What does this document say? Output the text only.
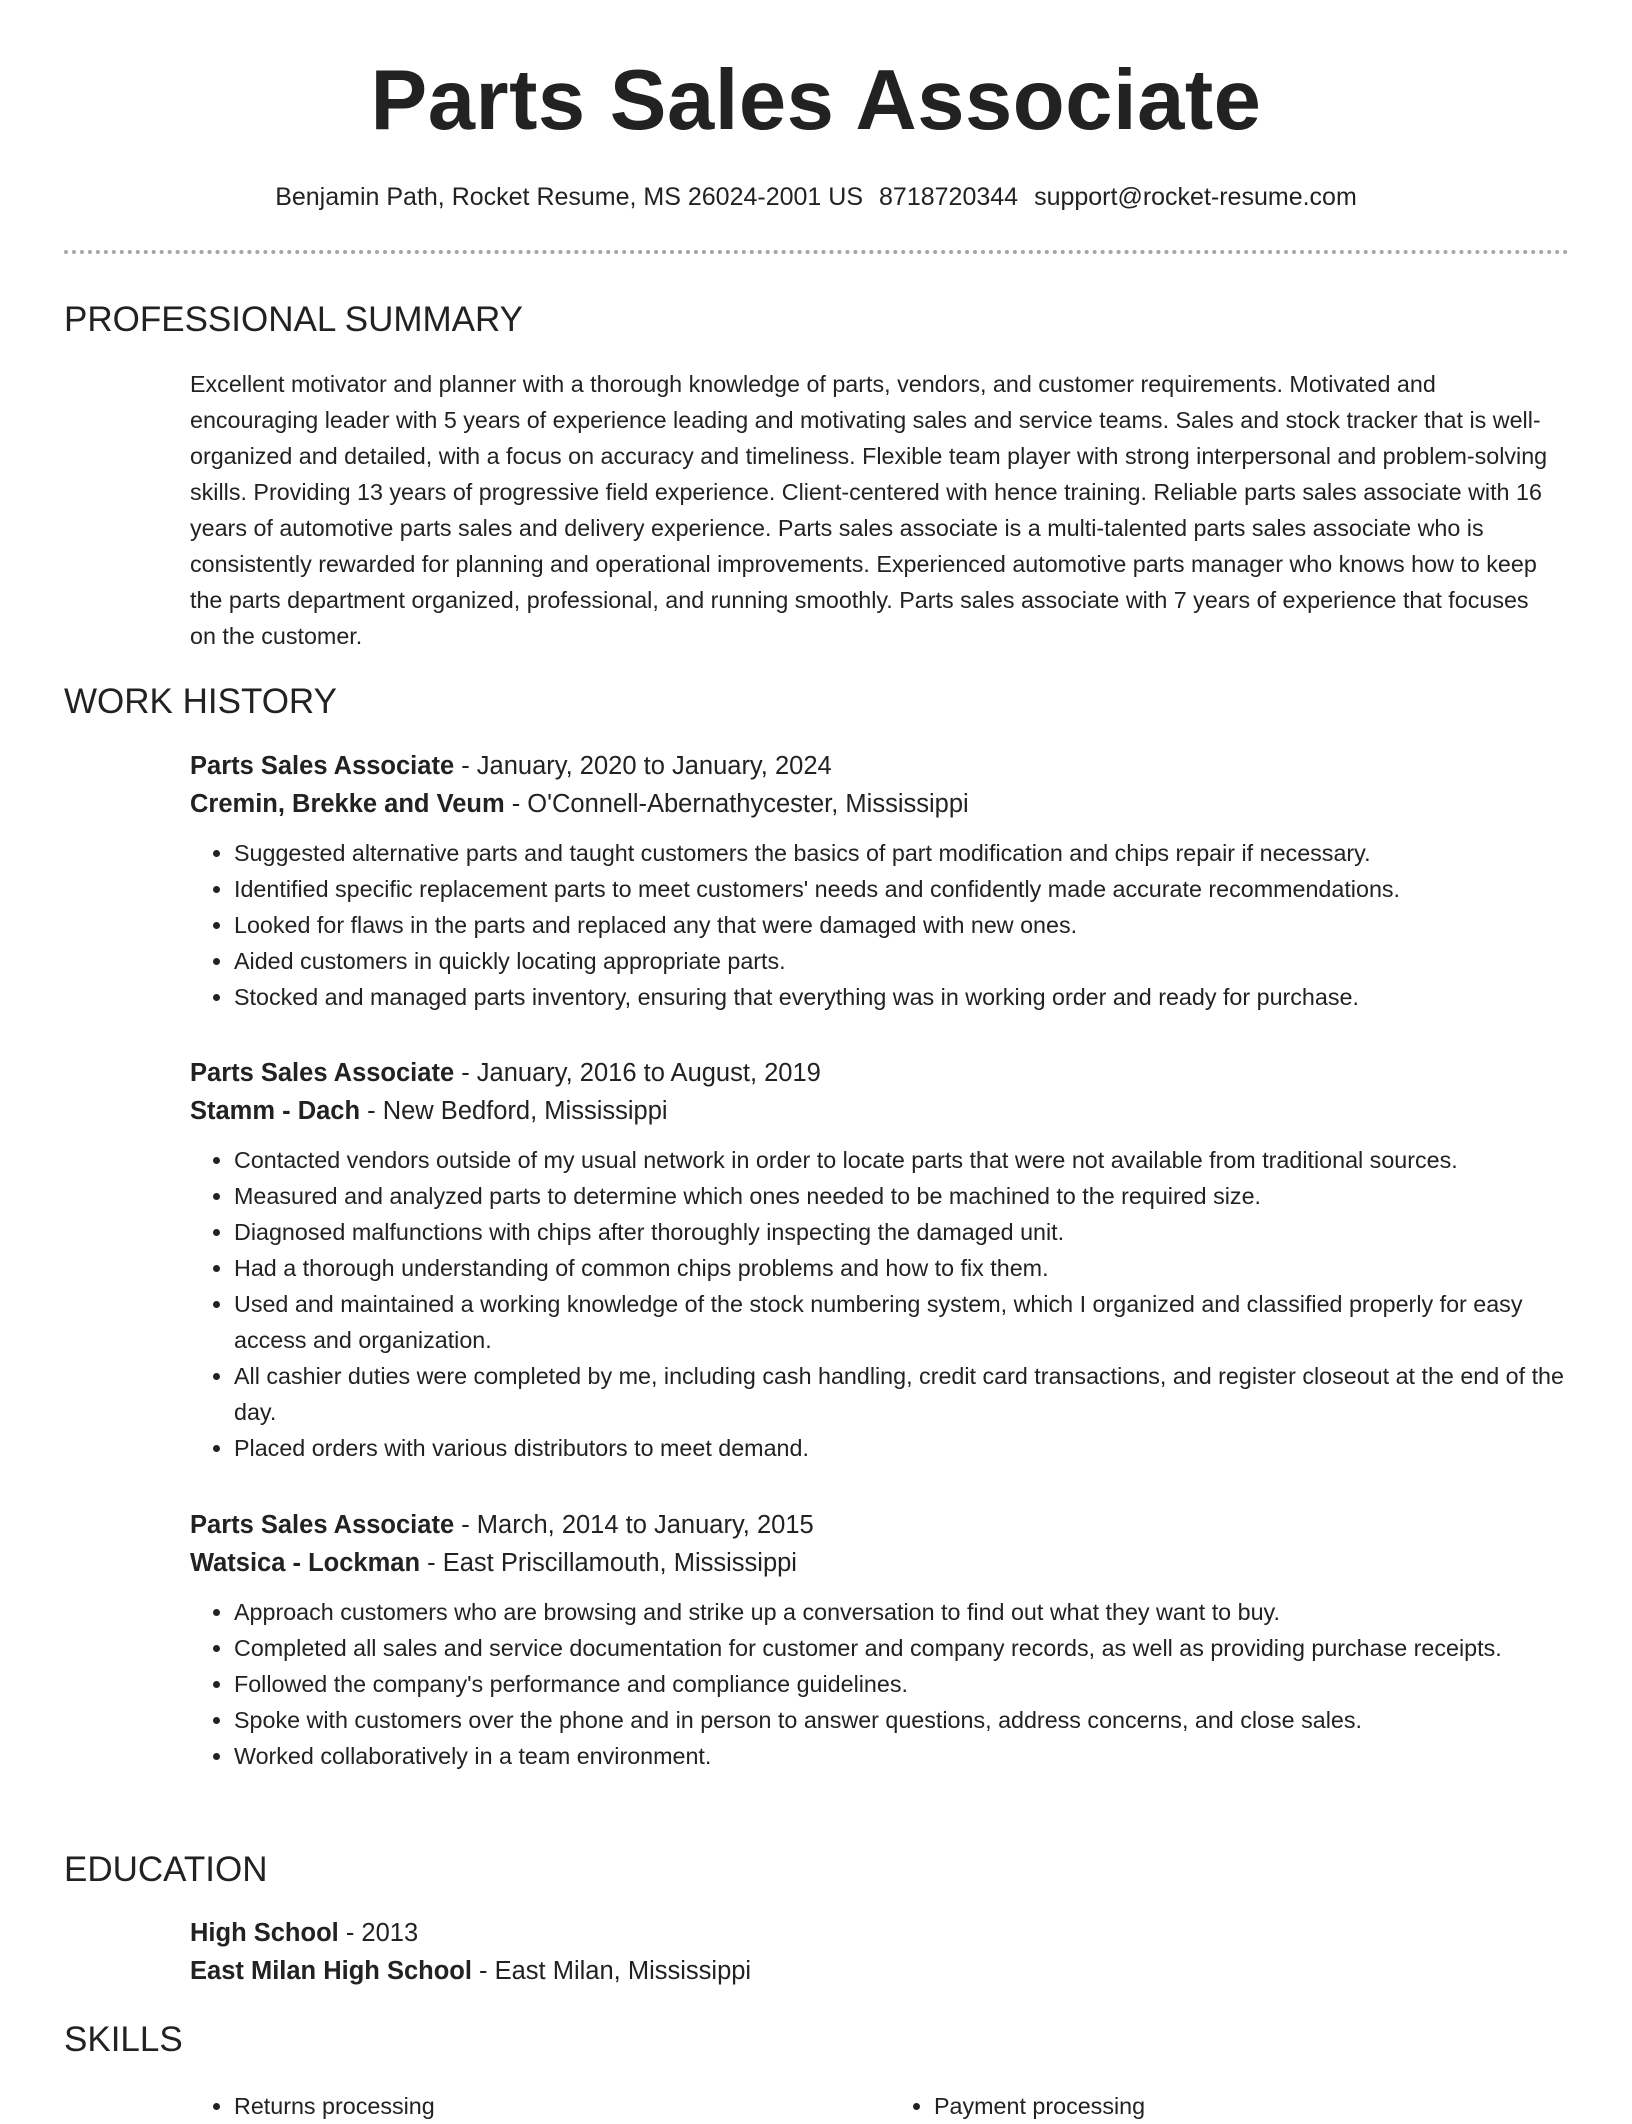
Parts Sales Associate
Benjamin Path, Rocket Resume, MS 26024-2001 US 8718720344 support@rocket-resume.com
PROFESSIONAL SUMMARY
Excellent motivator and planner with a thorough knowledge of parts, vendors, and customer requirements. Motivated and encouraging leader with 5 years of experience leading and motivating sales and service teams. Sales and stock tracker that is well-organized and detailed, with a focus on accuracy and timeliness. Flexible team player with strong interpersonal and problem-solving skills. Providing 13 years of progressive field experience. Client-centered with hence training. Reliable parts sales associate with 16 years of automotive parts sales and delivery experience. Parts sales associate is a multi-talented parts sales associate who is consistently rewarded for planning and operational improvements. Experienced automotive parts manager who knows how to keep the parts department organized, professional, and running smoothly. Parts sales associate with 7 years of experience that focuses on the customer.
WORK HISTORY
Parts Sales Associate - January, 2020 to January, 2024
Cremin, Brekke and Veum - O'Connell-Abernathycester, Mississippi
• Suggested alternative parts and taught customers the basics of part modification and chips repair if necessary.
• Identified specific replacement parts to meet customers' needs and confidently made accurate recommendations.
• Looked for flaws in the parts and replaced any that were damaged with new ones.
• Aided customers in quickly locating appropriate parts.
• Stocked and managed parts inventory, ensuring that everything was in working order and ready for purchase.
Parts Sales Associate - January, 2016 to August, 2019
Stamm - Dach - New Bedford, Mississippi
• Contacted vendors outside of my usual network in order to locate parts that were not available from traditional sources.
• Measured and analyzed parts to determine which ones needed to be machined to the required size.
• Diagnosed malfunctions with chips after thoroughly inspecting the damaged unit.
• Had a thorough understanding of common chips problems and how to fix them.
• Used and maintained a working knowledge of the stock numbering system, which I organized and classified properly for easy access and organization.
• All cashier duties were completed by me, including cash handling, credit card transactions, and register closeout at the end of the day.
• Placed orders with various distributors to meet demand.
Parts Sales Associate - March, 2014 to January, 2015
Watsica - Lockman - East Priscillamouth, Mississippi
• Approach customers who are browsing and strike up a conversation to find out what they want to buy.
• Completed all sales and service documentation for customer and company records, as well as providing purchase receipts.
• Followed the company's performance and compliance guidelines.
• Spoke with customers over the phone and in person to answer questions, address concerns, and close sales.
• Worked collaboratively in a team environment.
EDUCATION
High School - 2013
East Milan High School - East Milan, Mississippi
SKILLS
• Returns processing
•	Payment processing
